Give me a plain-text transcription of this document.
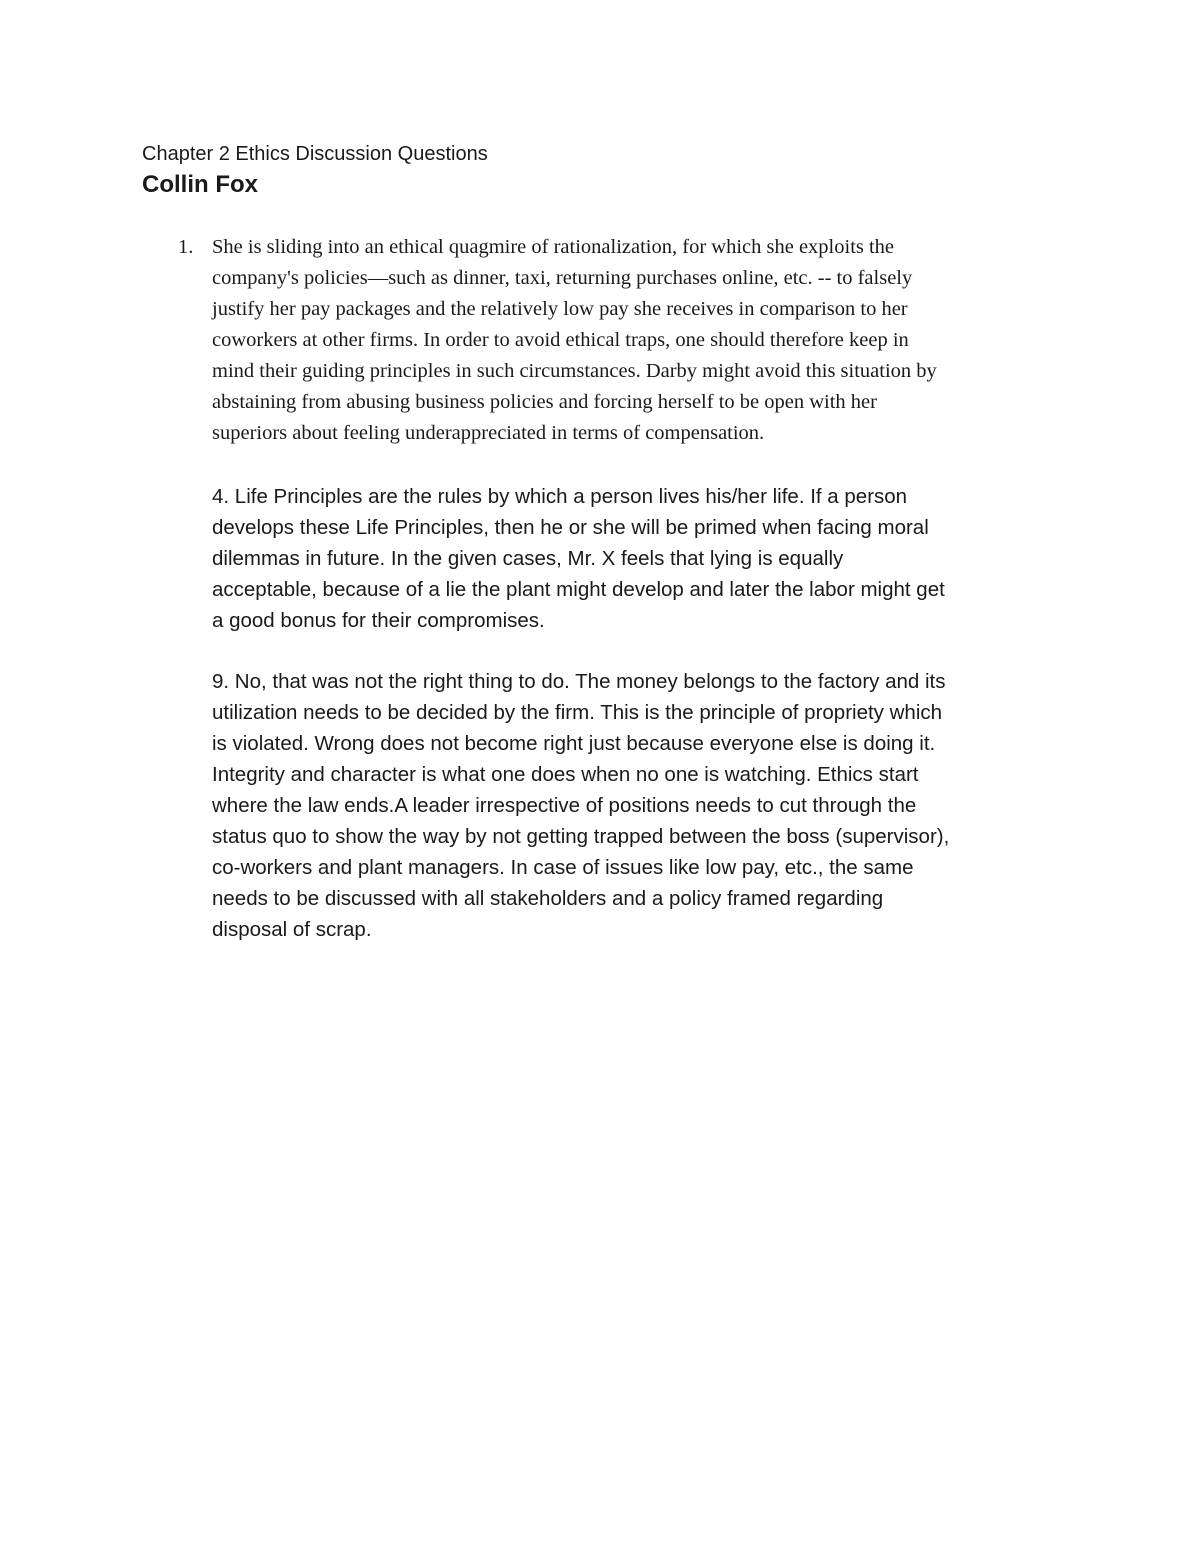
Chapter 2 Ethics Discussion Questions
Collin Fox
1. She is sliding into an ethical quagmire of rationalization, for which she exploits the
company's policies—such as dinner, taxi, returning purchases online, etc. -- to falsely
justify her pay packages and the relatively low pay she receives in comparison to her
coworkers at other firms. In order to avoid ethical traps, one should therefore keep in
mind their guiding principles in such circumstances. Darby might avoid this situation by
abstaining from abusing business policies and forcing herself to be open with her
superiors about feeling underappreciated in terms of compensation.
4. Life Principles are the rules by which a person lives his/her life. If a person
develops these Life Principles, then he or she will be primed when facing moral
dilemmas in future. In the given cases, Mr. X feels that lying is equally
acceptable, because of a lie the plant might develop and later the labor might get
a good bonus for their compromises.
9. No, that was not the right thing to do. The money belongs to the factory and its
utilization needs to be decided by the firm. This is the principle of propriety which
is violated. Wrong does not become right just because everyone else is doing it.
Integrity and character is what one does when no one is watching. Ethics start
where the law ends.A leader irrespective of positions needs to cut through the
status quo to show the way by not getting trapped between the boss (supervisor),
co-workers and plant managers. In case of issues like low pay, etc., the same
needs to be discussed with all stakeholders and a policy framed regarding
disposal of scrap.
